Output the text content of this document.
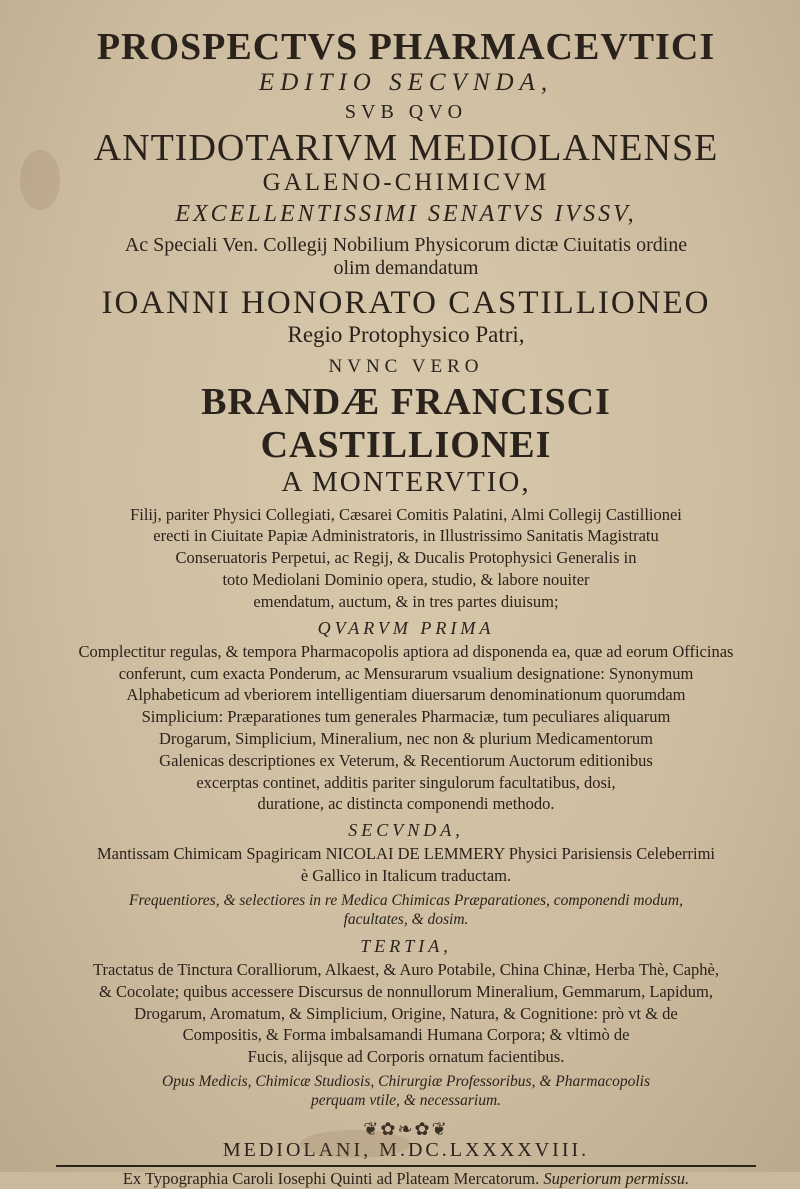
PROSPECTVS PHARMACEVTICI
EDITIO SECVNDA,
SVB QVO
ANTIDOTARIVM MEDIOLANENSE
GALENO-CHIMICVM
EXCELLENTISSIMI SENATVS IVSSV,
Ac Speciali Ven. Collegij Nobilium Physicorum dictæ Ciuitatis ordine
olim demandatum
IOANNI HONORATO CASTILLIONEO
Regio Protophysico Patri,
NVNC VERO
BRANDÆ FRANCISCI CASTILLIONEI
A MONTERVTIO,
Filij, pariter Physici Collegiati, Cæsarei Comitis Palatini, Almi Collegij Castillionei
erecti in Ciuitate Papiæ Administratoris, in Illustrissimo Sanitatis Magistratu
Conseruatoris Perpetui, ac Regij, & Ducalis Protophysici Generalis in
toto Mediolani Dominio opera, studio, & labore nouiter
emendatum, auctum, & in tres partes diuisum;
QVARVM PRIMA
Complectitur regulas, & tempora Pharmacopolis aptiora ad disponenda ea, quæ ad eorum Officinas
conferunt, cum exacta Ponderum, ac Mensurarum vsualium designatione: Synonymum
Alphabeticum ad vberiorem intelligentiam diuersarum denominationum quorumdam
Simplicium: Præparationes tum generales Pharmaciæ, tum peculiares aliquarum
Drogarum, Simplicium, Mineralium, nec non & plurium Medicamentorum
Galenicas descriptiones ex Veterum, & Recentiorum Auctorum editionibus
excerptas continet, additis pariter singulorum facultatibus, dosi,
duratione, ac distincta componendi methodo.
SECVNDA,
Mantissam Chimicam Spagiricam NICOLAI DE LEMMERY Physici Parisiensis Celeberrimi
è Gallico in Italicum traductam.
Frequentiores, & selectiores in re Medica Chimicas Præparationes, componendi modum,
facultates, & dosim.
TERTIA,
Tractatus de Tinctura Coralliorum, Alkaest, & Auro Potabile, China Chinæ, Herba Thè, Caphè,
& Cocolate; quibus accessere Discursus de nonnullorum Mineralium, Gemmarum, Lapidum,
Drogarum, Aromatum, & Simplicium, Origine, Natura, & Cognitione: prò vt & de
Compositis, & Forma imbalsamandi Humana Corpora; & vltimò de
Fucis, alijsque ad Corporis ornatum facientibus.
Opus Medicis, Chimicæ Studiosis, Chirurgiæ Professoribus, & Pharmacopolis
perquam vtile, & necessarium.
❦✿❧✿❦
MEDIOLANI, M.DC.LXXXXVIII.
Ex Typographia Caroli Iosephi Quinti ad Plateam Mercatorum. Superiorum permissu.
